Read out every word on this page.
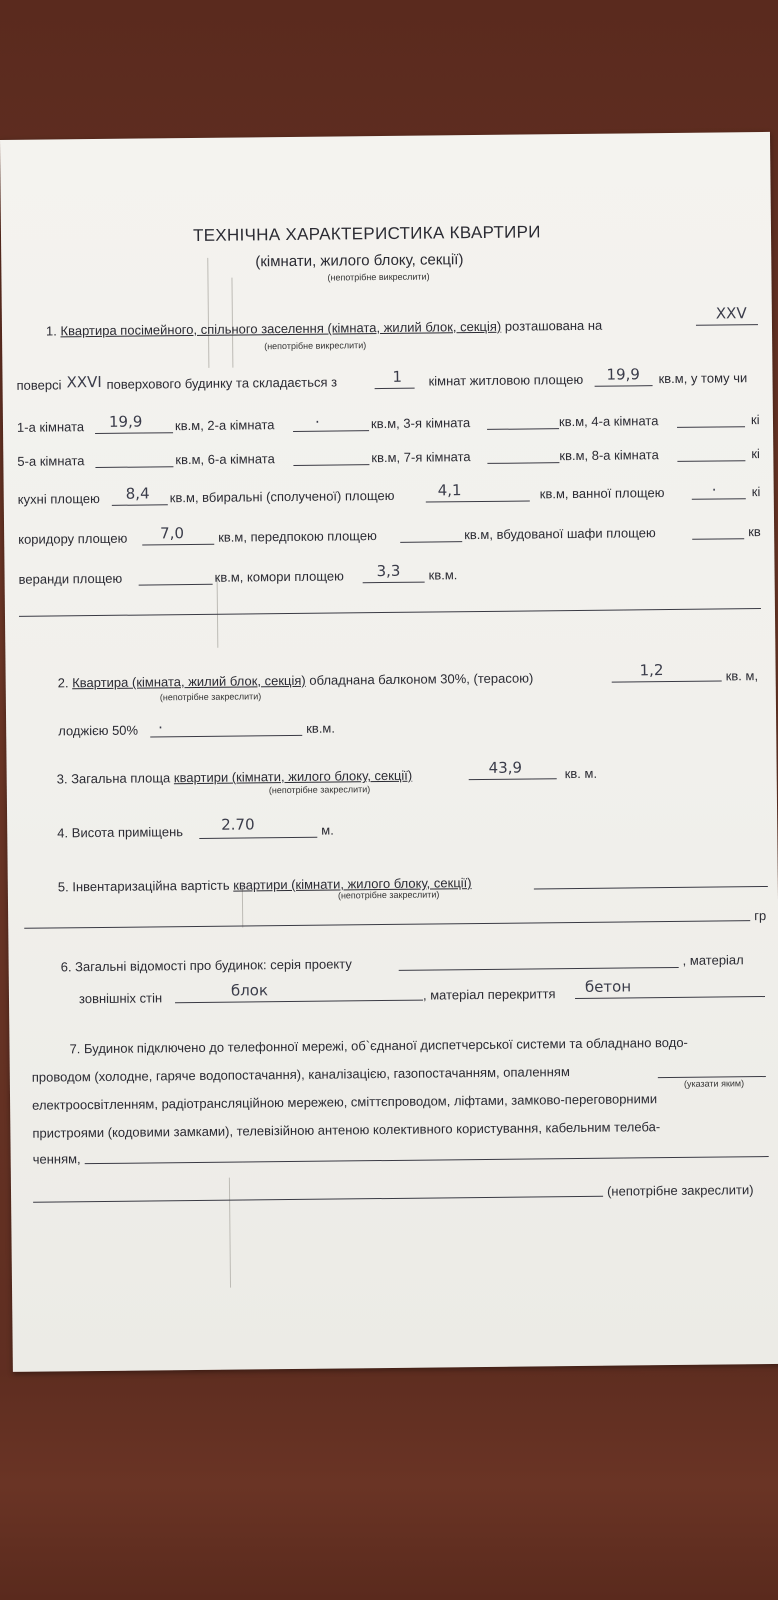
ТЕХНІЧНА ХАРАКТЕРИСТИКА КВАРТИРИ
(кімнати, жилого блоку, секції)
(непотрібне викреслити)
1. Квартира посімейного, спільного заселення (кімната, жилий блок, секція) розташована на
XXV
(непотрібне викреслити)
поверсі XXVI поверхового будинку та складається з	1 кімнат житловою площею 19,9 кв.м, у тому чи
1-а кімната 19,9 кв.м, 2-а кімната	.	кв.м, 3-я кімната	кв.м, 4-а кімната	кі
5-а кімната	кв.м, 6-а кімната	кв.м, 7-я кімната	кв.м, 8-а кімната	кі
кухні площею 8,4 кв.м, вбиральні (сполученої) площею	4,1	кв.м, ванної площею	.	кі
коридору площею 7,0	кв.м, передпокою площею	кв.м, вбудованої шафи площею	кв
веранди площею	кв.м, комори площею 3,3 кв.м.
2. Квартира (кімната, жилий блок, секція) обладнана балконом 30%, (терасою)	1,2	кв. м,
(непотрібне закреслити)
лоджією 50% .	кв.м.
3. Загальна площа квартири (кімнати, жилого блоку, секції)	43,9	кв. м.
(непотрібне закреслити)
4. Висота приміщень	2.70	м.
5. Інвентаризаційна вартість квартири (кімнати, жилого блоку, секції)
(непотрібне закреслити)
гр
6. Загальні відомості про будинок: серія проекту	, матеріал
зовнішніх стін	блок	, матеріал перекриття бетон
7. Будинок підключено до телефонної мережі, об`єднаної диспетчерської системи та обладнано водо-
проводом (холодне, гаряче водопостачання), каналізацією, газопостачанням, опаленням	(указати яким)
електроосвітленням, радіотрансляційною мережею, сміттєпроводом, ліфтами, замково-переговорними
пристроями (кодовими замками), телевізійною антеною колективного користування, кабельним телеба-
ченням,
(непотрібне закреслити)
